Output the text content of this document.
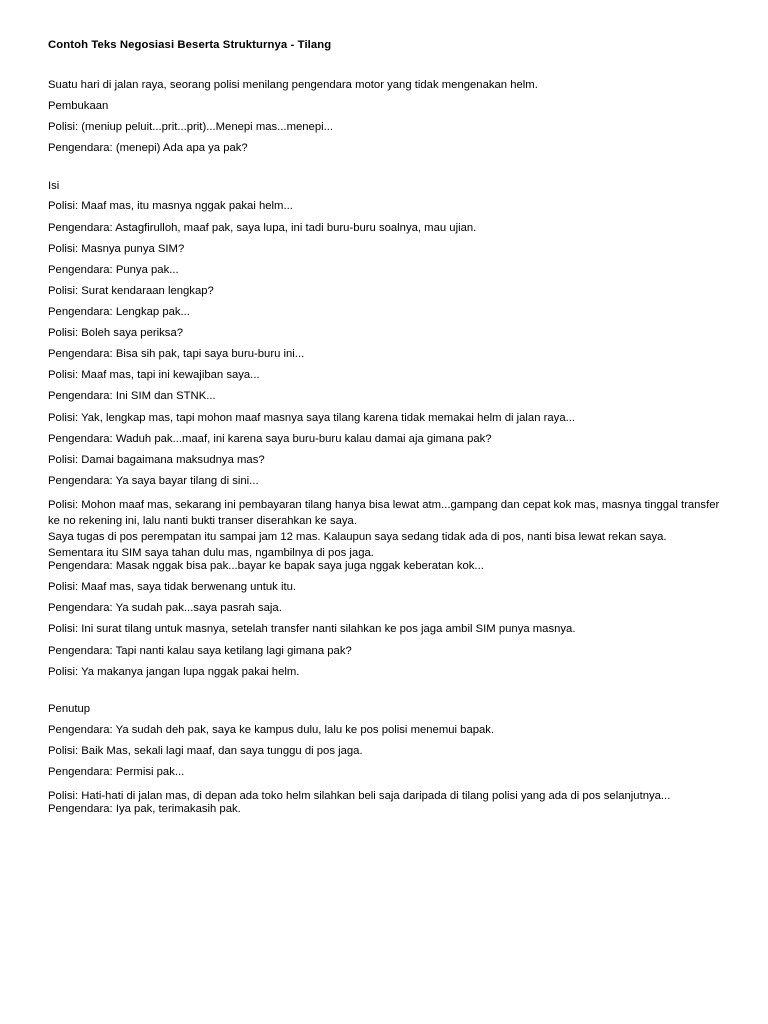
Contoh Teks Negosiasi Beserta Strukturnya - Tilang

Suatu hari di jalan raya, seorang polisi menilang pengendara motor yang tidak mengenakan helm.

Pembukaan

Polisi: (meniup peluit...prit...prit)...Menepi mas...menepi...

Pengendara: (menepi) Ada apa ya pak?

Isi

Polisi: Maaf mas, itu masnya nggak pakai helm...

Pengendara: Astagfirulloh, maaf pak, saya lupa, ini tadi buru-buru soalnya, mau ujian.

Polisi: Masnya punya SIM?

Pengendara: Punya pak...

Polisi: Surat kendaraan lengkap?

Pengendara: Lengkap pak...

Polisi: Boleh saya periksa?

Pengendara: Bisa sih pak, tapi saya buru-buru ini...

Polisi: Maaf mas, tapi ini kewajiban saya...

Pengendara: Ini SIM dan STNK...

Polisi: Yak, lengkap mas, tapi mohon maaf masnya saya tilang karena tidak memakai helm di jalan raya...

Pengendara: Waduh pak...maaf, ini karena saya buru-buru kalau damai aja gimana pak?

Polisi: Damai bagaimana maksudnya mas?

Pengendara: Ya saya bayar tilang di sini...

Polisi: Mohon maaf mas, sekarang ini pembayaran tilang hanya bisa lewat atm...gampang dan cepat kok mas, masnya tinggal transfer ke no rekening ini, lalu nanti bukti transer diserahkan ke saya.

Saya tugas di pos perempatan itu sampai jam 12 mas. Kalaupun saya sedang tidak ada di pos, nanti bisa lewat rekan saya. Sementara itu SIM saya tahan dulu mas, ngambilnya di pos jaga.

Pengendara: Masak nggak bisa pak...bayar ke bapak saya juga nggak keberatan kok...

Polisi: Maaf mas, saya tidak berwenang untuk itu.

Pengendara: Ya sudah pak...saya pasrah saja.

Polisi: Ini surat tilang untuk masnya, setelah transfer nanti silahkan ke pos jaga ambil SIM punya masnya.

Pengendara: Tapi nanti kalau saya ketilang lagi gimana pak?

Polisi: Ya makanya jangan lupa nggak pakai helm.

Penutup

Pengendara: Ya sudah deh pak, saya ke kampus dulu, lalu ke pos polisi menemui bapak.

Polisi: Baik Mas, sekali lagi maaf, dan saya tunggu di pos jaga.

Pengendara: Permisi pak...

Polisi: Hati-hati di jalan mas, di depan ada toko helm silahkan beli saja daripada di tilang polisi yang ada di pos selanjutnya...

Pengendara: Iya pak, terimakasih pak.
